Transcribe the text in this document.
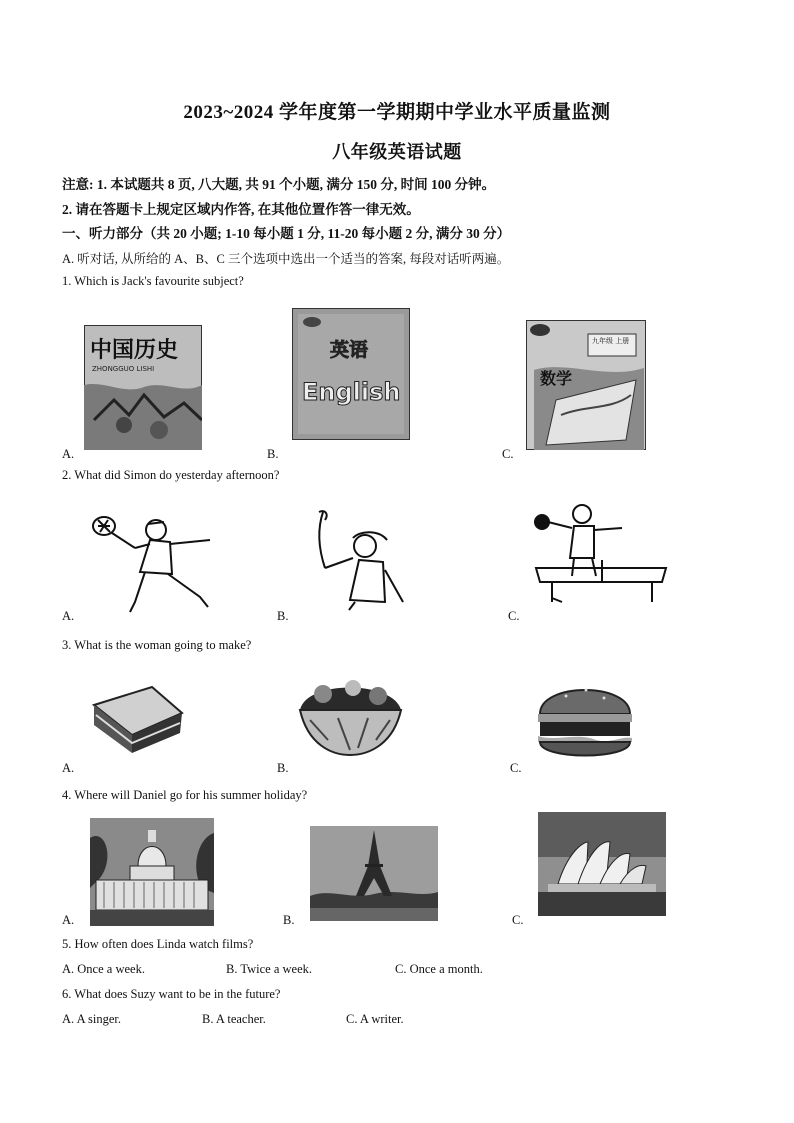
2023~2024 学年度第一学期期中学业水平质量监测
八年级英语试题
注意: 1. 本试题共 8 页, 八大题, 共 91 个小题, 满分 150 分, 时间 100 分钟。
2. 请在答题卡上规定区域内作答, 在其他位置作答一律无效。
一、听力部分（共 20 小题; 1-10 每小题 1 分, 11-20 每小题 2 分, 满分 30 分）
A. 听对话, 从所给的 A、B、C 三个选项中选出一个适当的答案, 每段对话听两遍。
1. Which is Jack's favourite subject?
中国历史
ZHONGGUO LISHI
A.
英语
English
B.
九年级 上册
数学
C.
2. What did Simon do yesterday afternoon?
A.	B.	C.
3. What is the woman going to make?
A.	B.	C.
4. Where will Daniel go for his summer holiday?
A.	B.	C.
5. How often does Linda watch films?
A. Once a week.	B. Twice a week.	C. Once a month.
6. What does Suzy want to be in the future?
A. A singer.	B. A teacher.	C. A writer.
